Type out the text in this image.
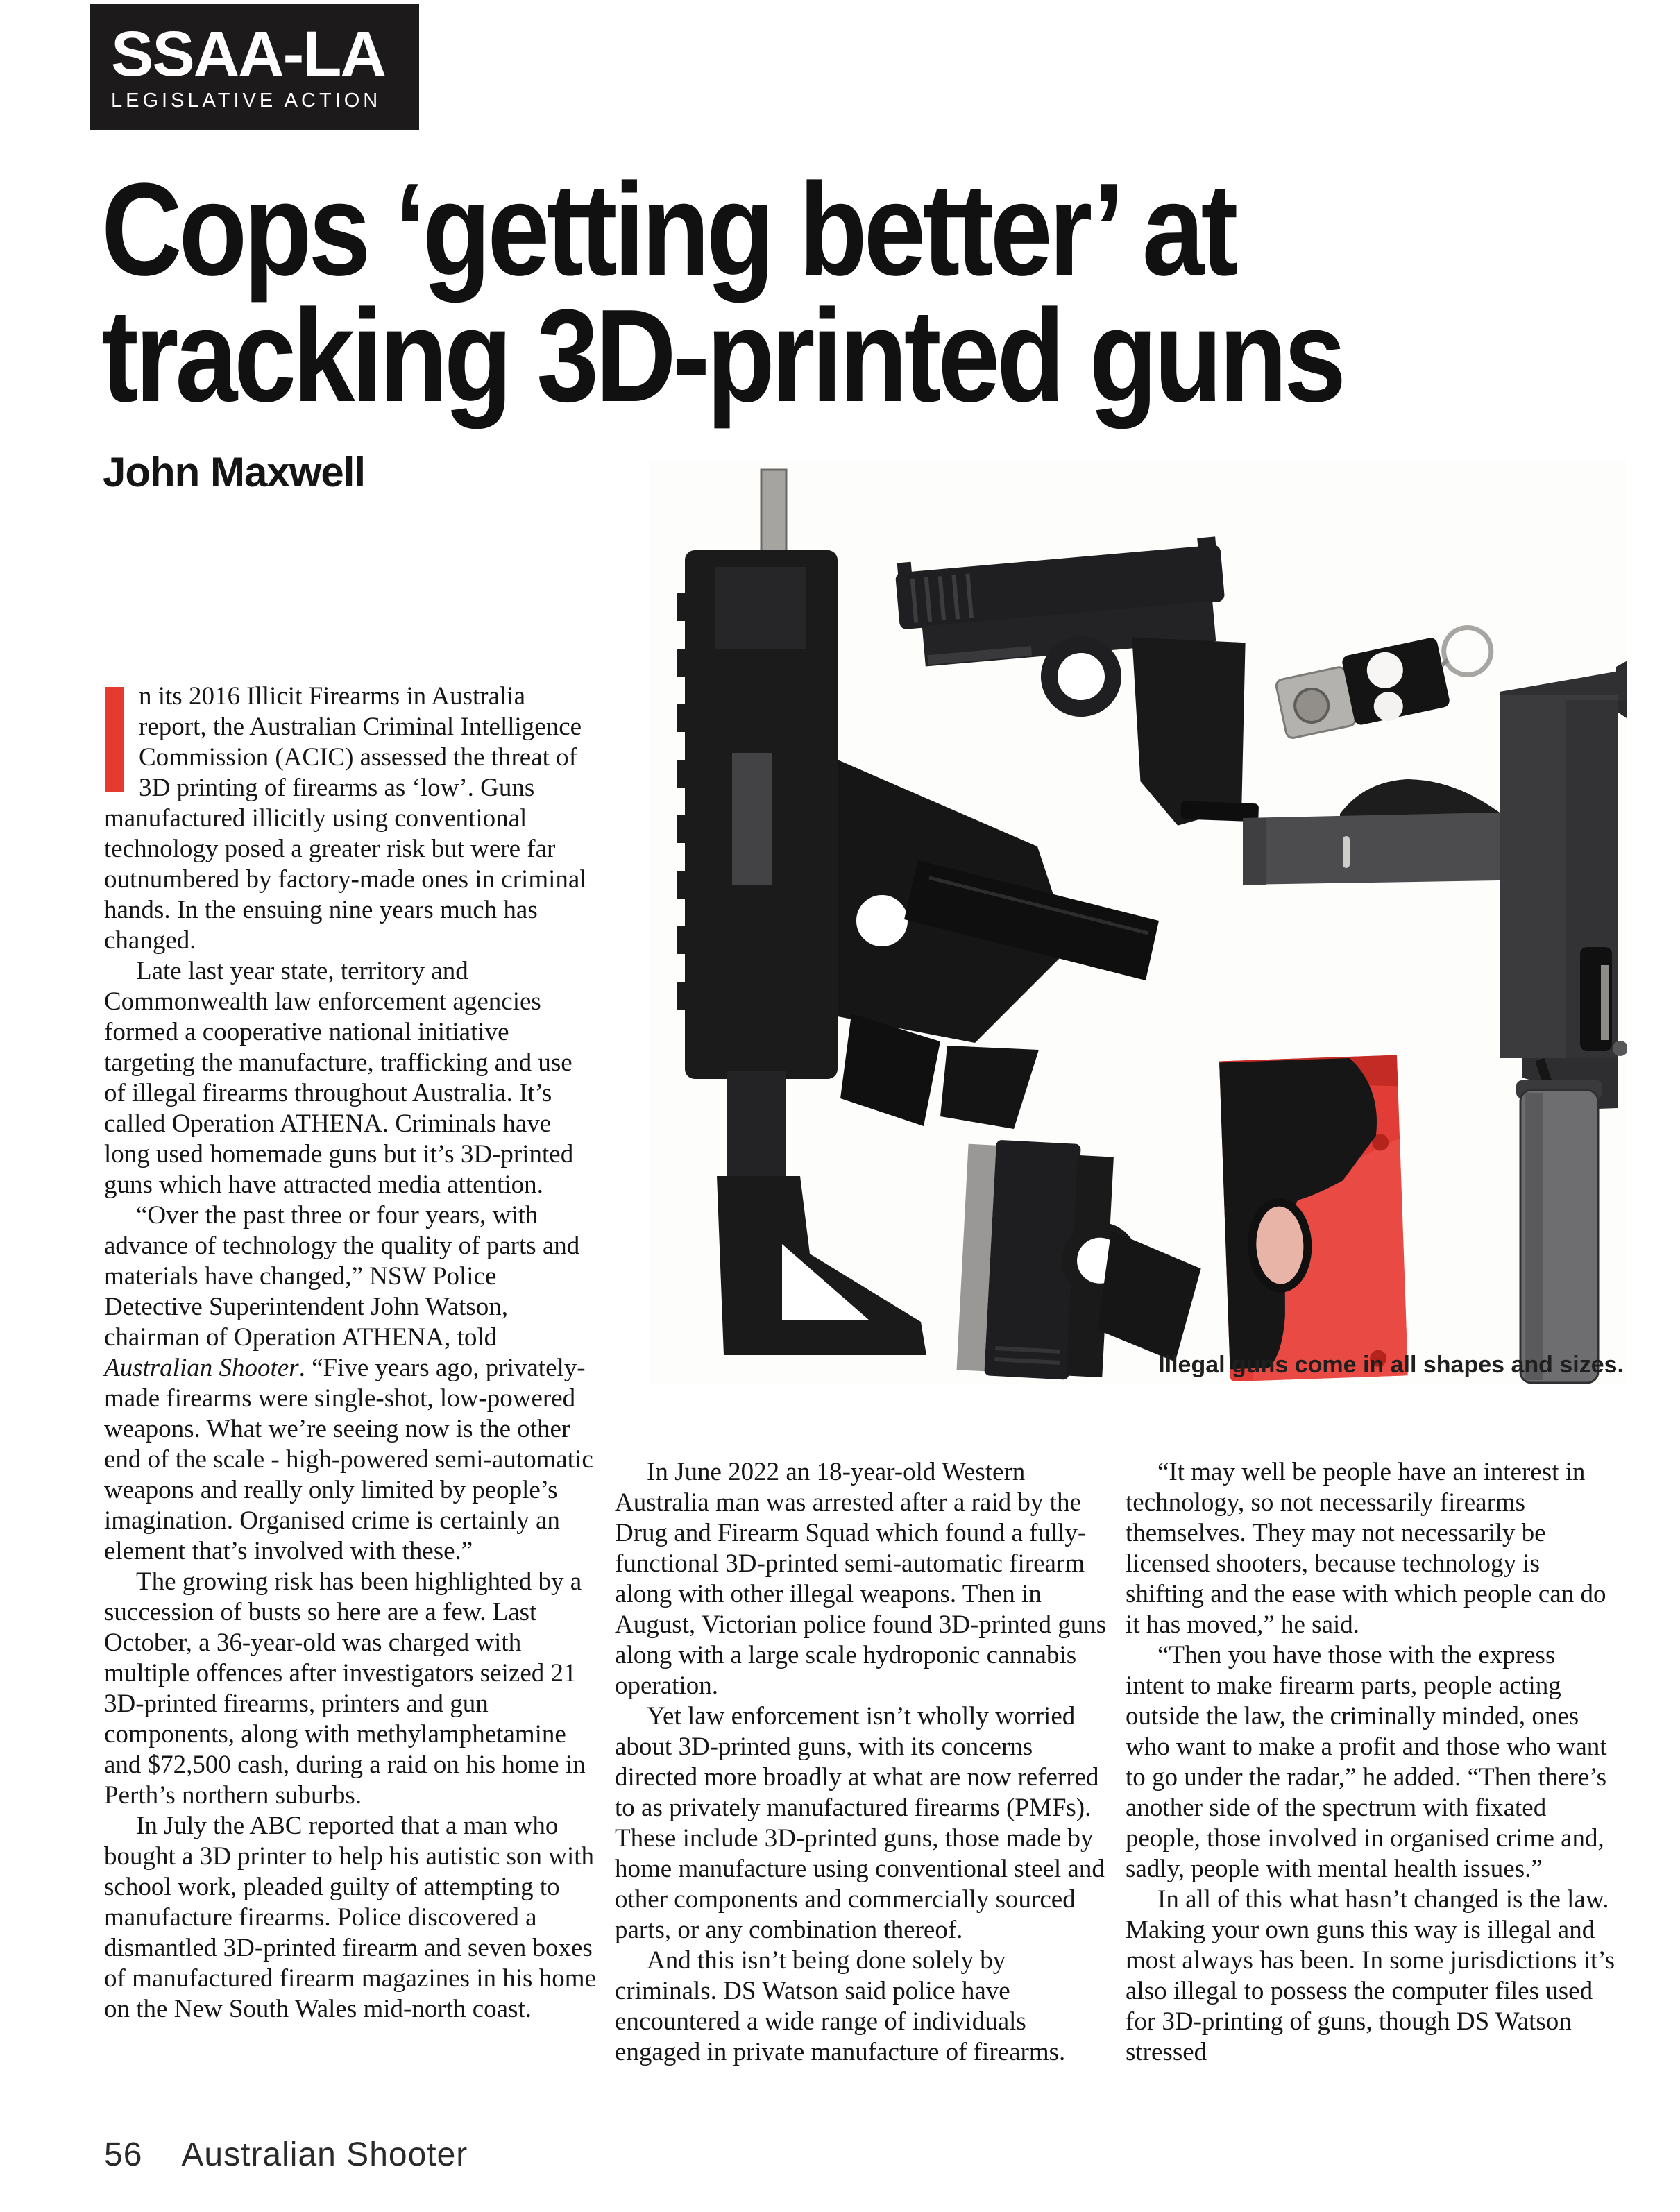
SSAA-LA
LEGISLATIVE ACTION
Cops ‘getting better’ at
tracking 3D-printed guns
John Maxwell

n its 2016 Illicit Firearms in Australia report, the Australian Criminal Intelligence Commission (ACIC) assessed the threat of 3D printing of firearms as ‘low’. Guns manufactured illicitly using conventional technology posed a greater risk but were far outnumbered by factory-made ones in criminal hands. In the ensuing nine years much has changed.

Late last year state, territory and Commonwealth law enforcement agencies formed a cooperative national initiative targeting the manufacture, trafficking and use of illegal firearms throughout Australia. It’s called Operation ATHENA. Criminals have long used homemade guns but it’s 3D-printed guns which have attracted media attention.

“Over the past three or four years, with advance of technology the quality of parts and materials have changed,” NSW Police Detective Superintendent John Watson, chairman of Operation ATHENA, told Australian Shooter. “Five years ago, privately-made firearms were single-shot, low-powered weapons. What we’re seeing now is the other end of the scale - high-powered semi-automatic weapons and really only limited by people’s imagination. Organised crime is certainly an element that’s involved with these.”

The growing risk has been highlighted by a succession of busts so here are a few. Last October, a 36-year-old was charged with multiple offences after investigators seized 21 3D-printed firearms, printers and gun components, along with methylamphetamine and $72,500 cash, during a raid on his home in Perth’s northern suburbs.

In July the ABC reported that a man who bought a 3D printer to help his autistic son with school work, pleaded guilty of attempting to manufacture firearms. Police discovered a dismantled 3D-printed firearm and seven boxes of manufactured firearm magazines in his home on the New South Wales mid-north coast.

In June 2022 an 18-year-old Western Australia man was arrested after a raid by the Drug and Firearm Squad which found a fully-functional 3D-printed semi-automatic firearm along with other illegal weapons. Then in August, Victorian police found 3D-printed guns along with a large scale hydroponic cannabis operation.

Yet law enforcement isn’t wholly worried about 3D-printed guns, with its concerns directed more broadly at what are now referred to as privately manufactured firearms (PMFs). These include 3D-printed guns, those made by home manufacture using conventional steel and other components and commercially sourced parts, or any combination thereof.

And this isn’t being done solely by criminals. DS Watson said police have encountered a wide range of individuals engaged in private manufacture of firearms.

“It may well be people have an interest in technology, so not necessarily firearms themselves. They may not necessarily be licensed shooters, because technology is shifting and the ease with which people can do it has moved,” he said.

“Then you have those with the express intent to make firearm parts, people acting outside the law, the criminally minded, ones who want to make a profit and those who want to go under the radar,” he added. “Then there’s another side of the spectrum with fixated people, those involved in organised crime and, sadly, people with mental health issues.”

In all of this what hasn’t changed is the law. Making your own guns this way is illegal and most always has been. In some jurisdictions it’s also illegal to possess the computer files used for 3D-printing of guns, though DS Watson stressed

Illegal guns come in all shapes and sizes.
56 Australian Shooter
